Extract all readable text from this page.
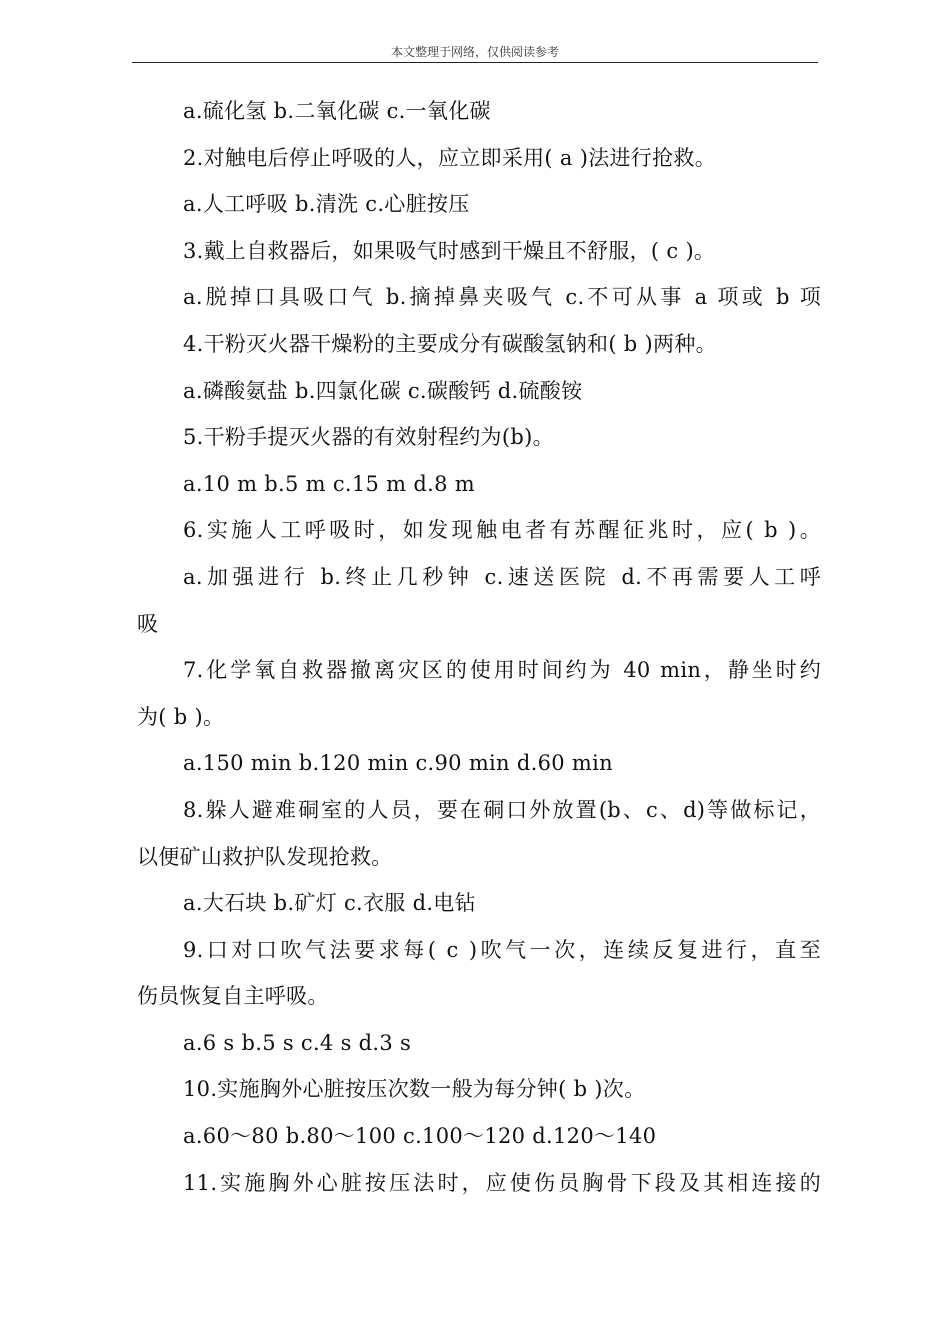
本文整理于网络，仅供阅读参考

a.硫化氢 b.二氧化碳 c.一氧化碳

2.对触电后停止呼吸的人，应立即采用( a )法进行抢救。

a.人工呼吸 b.清洗 c.心脏按压

3.戴上自救器后，如果吸气时感到干燥且不舒服，( c )。

a.脱掉口具吸口气 b.摘掉鼻夹吸气 c.不可从事 a 项或 b 项

4.干粉灭火器干燥粉的主要成分有碳酸氢钠和( b )两种。

a.磷酸氨盐 b.四氯化碳 c.碳酸钙 d.硫酸铵

5.干粉手提灭火器的有效射程约为(b)。

a.10 m b.5 m c.15 m d.8 m

6.实施人工呼吸时，如发现触电者有苏醒征兆时，应( b )。

a.加强进行 b.终止几秒钟 c.速送医院 d.不再需要人工呼

吸

7.化学氧自救器撤离灾区的使用时间约为 40 min，静坐时约

为( b )。

a.150 min b.120 min c.90 min d.60 min

8.躲人避难硐室的人员，要在硐口外放置(b、c、d)等做标记，

以便矿山救护队发现抢救。

a.大石块 b.矿灯 c.衣服 d.电钻

9.口对口吹气法要求每( c )吹气一次，连续反复进行，直至

伤员恢复自主呼吸。

a.6 s b.5 s c.4 s d.3 s

10.实施胸外心脏按压次数一般为每分钟( b )次。

a.60～80 b.80～100 c.100～120 d.120～140

11.实施胸外心脏按压法时，应使伤员胸骨下段及其相连接的
